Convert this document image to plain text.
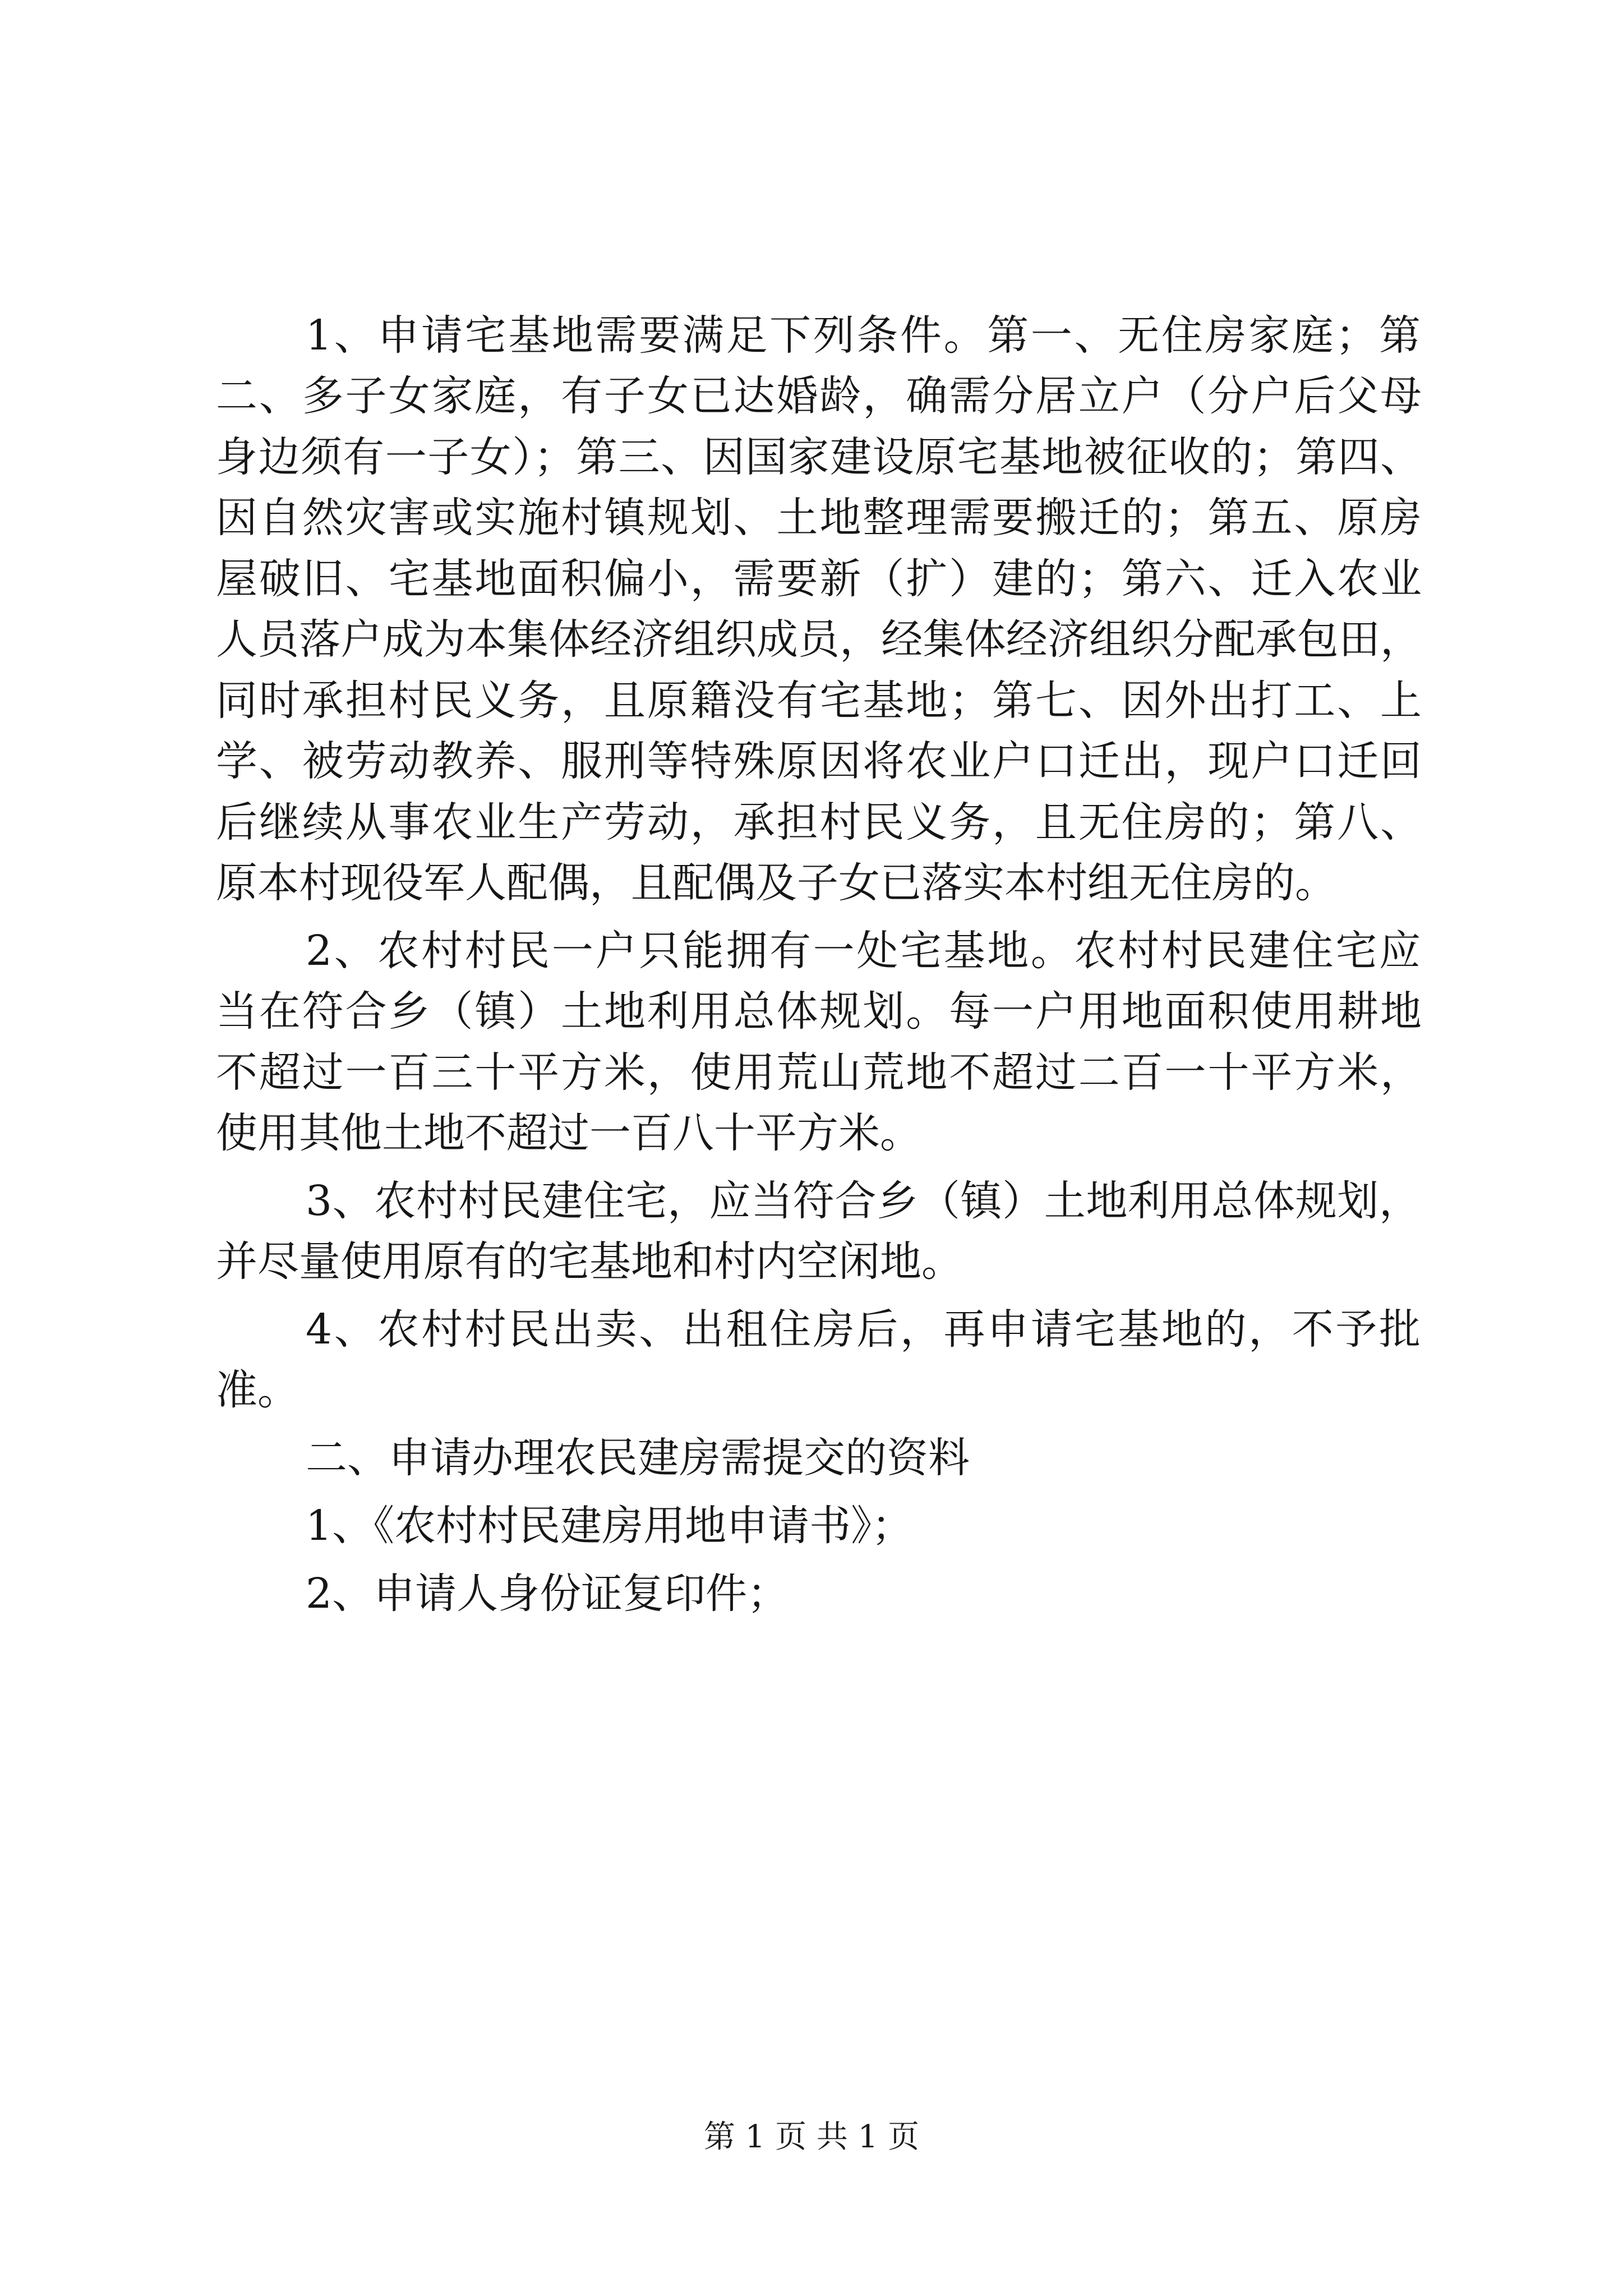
1、申请宅基地需要满足下列条件。第一、无住房家庭；第
二、多子女家庭，有子女已达婚龄，确需分居立户（分户后父母
身边须有一子女）；第三、因国家建设原宅基地被征收的；第四、
因自然灾害或实施村镇规划、土地整理需要搬迁的；第五、原房
屋破旧、宅基地面积偏小，需要新（扩）建的；第六、迁入农业
人员落户成为本集体经济组织成员，经集体经济组织分配承包田，
同时承担村民义务，且原籍没有宅基地；第七、因外出打工、上
学、被劳动教养、服刑等特殊原因将农业户口迁出，现户口迁回
后继续从事农业生产劳动，承担村民义务，且无住房的；第八、
原本村现役军人配偶，且配偶及子女已落实本村组无住房的。
2、农村村民一户只能拥有一处宅基地。农村村民建住宅应
当在符合乡（镇）土地利用总体规划。每一户用地面积使用耕地
不超过一百三十平方米，使用荒山荒地不超过二百一十平方米，
使用其他土地不超过一百八十平方米。
3、农村村民建住宅，应当符合乡（镇）土地利用总体规划，
并尽量使用原有的宅基地和村内空闲地。
4、农村村民出卖、出租住房后，再申请宅基地的，不予批
准。
二、申请办理农民建房需提交的资料
1、《农村村民建房用地申请书》；
2、申请人身份证复印件；
第 1 页 共 1 页
